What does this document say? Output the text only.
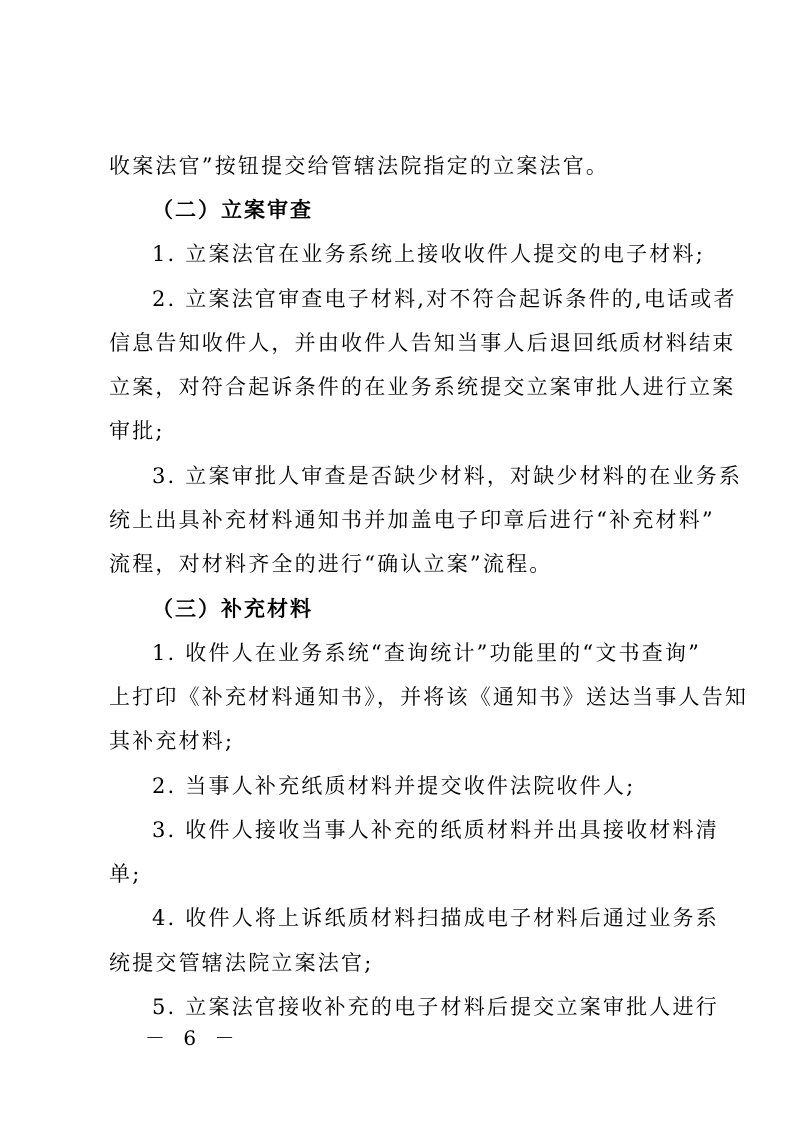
收案法官”按钮提交给管辖法院指定的立案法官。
（二）立案审查
1. 立案法官在业务系统上接收收件人提交的电子材料;
2. 立案法官审查电子材料,对不符合起诉条件的,电话或者
信息告知收件人，并由收件人告知当事人后退回纸质材料结束
立案，对符合起诉条件的在业务系统提交立案审批人进行立案
审批;
3. 立案审批人审查是否缺少材料，对缺少材料的在业务系
统上出具补充材料通知书并加盖电子印章后进行“补充材料”
流程，对材料齐全的进行“确认立案”流程。
（三）补充材料
1. 收件人在业务系统“查询统计”功能里的“文书查询”
上打印《补充材料通知书》，并将该《通知书》送达当事人告知
其补充材料;
2. 当事人补充纸质材料并提交收件法院收件人;
3. 收件人接收当事人补充的纸质材料并出具接收材料清
单;
4. 收件人将上诉纸质材料扫描成电子材料后通过业务系
统提交管辖法院立案法官;
5. 立案法官接收补充的电子材料后提交立案审批人进行
－ 6 －
